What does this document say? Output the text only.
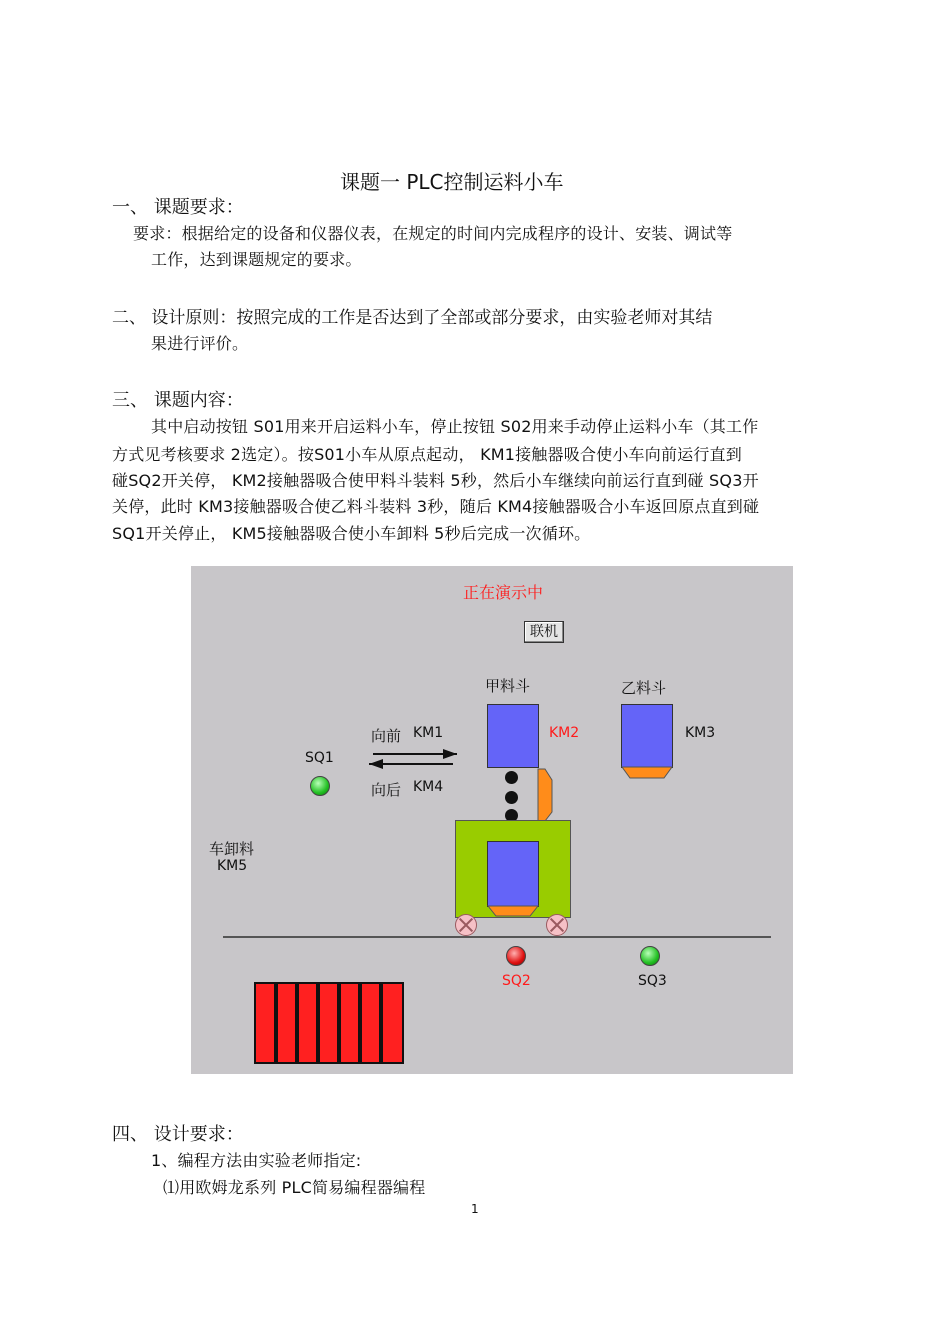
课题一 PLC控制运料小车
一、 课题要求：
要求：根据给定的设备和仪器仪表，在规定的时间内完成程序的设计、安装、调试等
工作，达到课题规定的要求。
二、 设计原则：按照完成的工作是否达到了全部或部分要求，由实验老师对其结
果进行评价。
三、 课题内容：
其中启动按钮 S01用来开启运料小车，停止按钮 S02用来手动停止运料小车（其工作
方式见考核要求 2选定）。按S01小车从原点起动， KM1接触器吸合使小车向前运行直到
碰SQ2开关停， KM2接触器吸合使甲料斗装料 5秒，然后小车继续向前运行直到碰 SQ3开
关停，此时 KM3接触器吸合使乙料斗装料 3秒，随后 KM4接触器吸合小车返回原点直到碰
SQ1开关停止， KM5接触器吸合使小车卸料 5秒后完成一次循环。
正在演示中
联机
甲料斗	乙料斗
KM2	KM3
向前 KM1
向后 KM4
SQ1
车卸料
KM5
SQ2	SQ3
四、 设计要求：
1、编程方法由实验老师指定:
⑴用欧姆龙系列 PLC简易编程器编程
1
